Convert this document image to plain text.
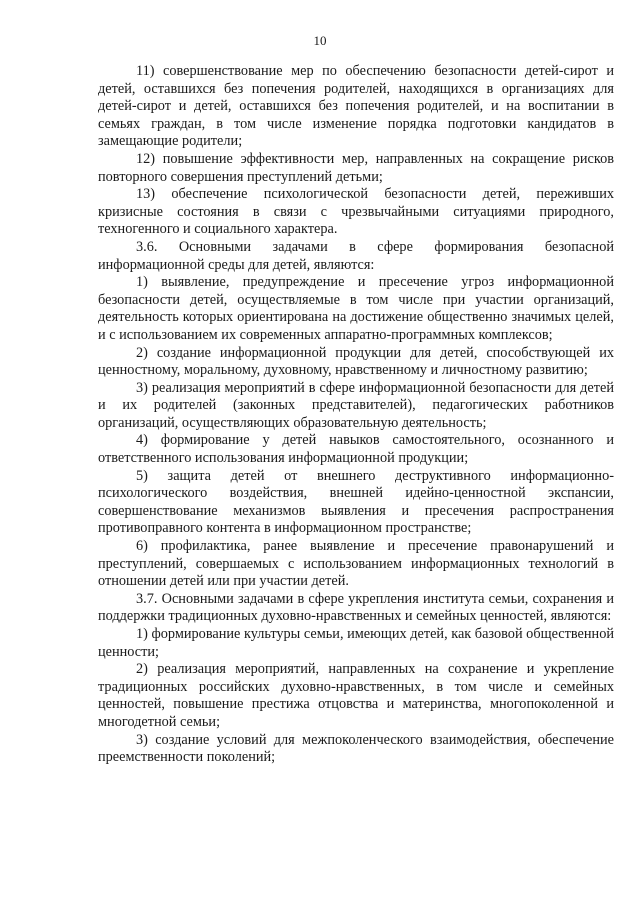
10

11) совершенствование мер по обеспечению безопасности детей-сирот и детей, оставшихся без попечения родителей, находящихся в организациях для детей-сирот и детей, оставшихся без попечения родителей, и на воспитании в семьях граждан, в том числе изменение порядка подготовки кандидатов в замещающие родители;

12) повышение эффективности мер, направленных на сокращение рисков повторного совершения преступлений детьми;

13) обеспечение психологической безопасности детей, переживших кризисные состояния в связи с чрезвычайными ситуациями природного, техногенного и социального характера.

3.6. Основными задачами в сфере формирования безопасной информационной среды для детей, являются:

1) выявление, предупреждение и пресечение угроз информационной безопасности детей, осуществляемые в том числе при участии организаций, деятельность которых ориентирована на достижение общественно значимых целей, и с использованием их современных аппаратно-программных комплексов;

2) создание информационной продукции для детей, способствующей их ценностному, моральному, духовному, нравственному и личностному развитию;

3) реализация мероприятий в сфере информационной безопасности для детей и их родителей (законных представителей), педагогических работников организаций, осуществляющих образовательную деятельность;

4) формирование у детей навыков самостоятельного, осознанного и ответственного использования информационной продукции;

5) защита детей от внешнего деструктивного информационно-психологического воздействия, внешней идейно-ценностной экспансии, совершенствование механизмов выявления и пресечения распространения противоправного контента в информационном пространстве;

6) профилактика, ранее выявление и пресечение правонарушений и преступлений, совершаемых с использованием информационных технологий в отношении детей или при участии детей.

3.7. Основными задачами в сфере укрепления института семьи, сохранения и поддержки традиционных духовно-нравственных и семейных ценностей, являются:

1) формирование культуры семьи, имеющих детей, как базовой общественной ценности;

2) реализация мероприятий, направленных на сохранение и укрепление традиционных российских духовно-нравственных, в том числе и семейных ценностей, повышение престижа отцовства и материнства, многопоколенной и многодетной семьи;

3) создание условий для межпоколенческого взаимодействия, обеспечение преемственности поколений;
